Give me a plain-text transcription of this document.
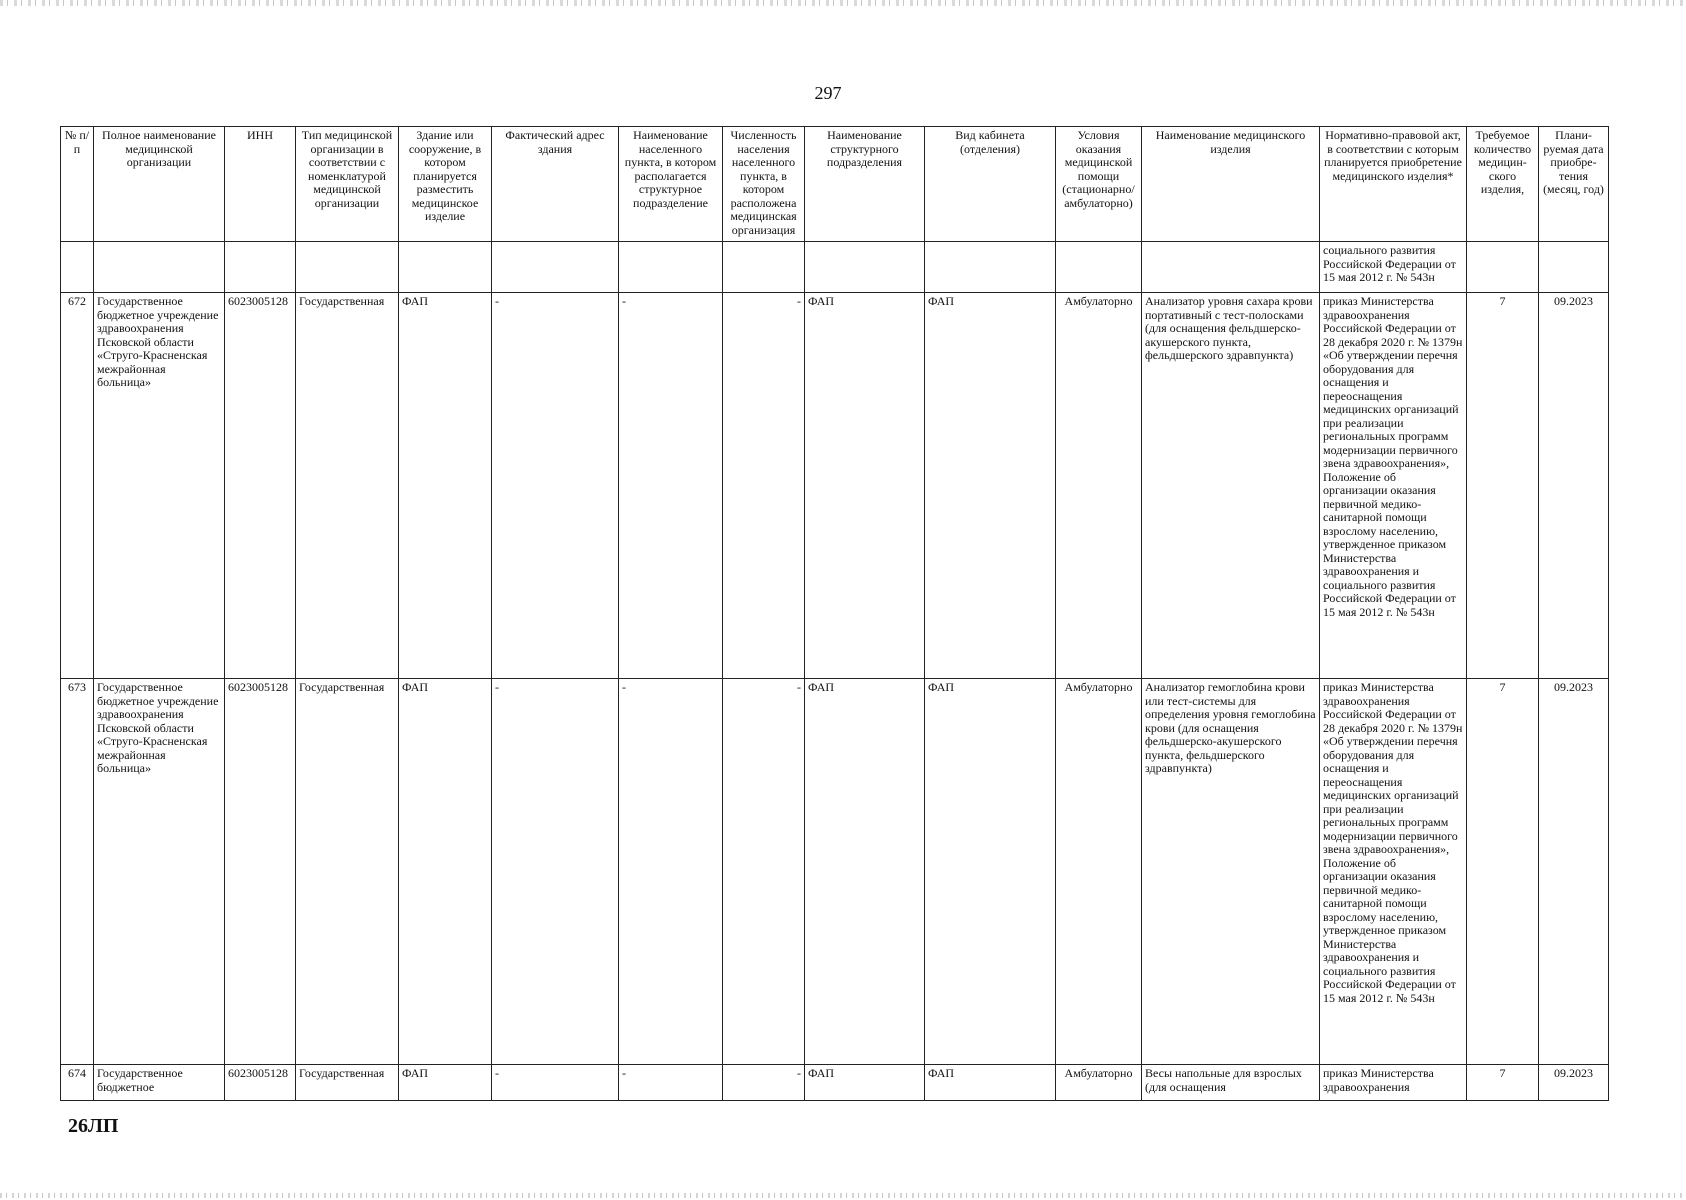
297
№ п/п	Полное наименование медицинской организации	ИНН	Тип медицинской организации в соответствии с номенклатурой медицинской организации	Здание или сооружение, в котором планируется разместить медицинское изделие	Фактический адрес здания	Наименование населенного пункта, в котором располагается структурное подразделение	Численность населения населенного пункта, в котором расположена медицинская организация	Наименование структурного подразделения	Вид кабинета (отделения)	Условия оказания медицинской помощи (стационарно/ амбулаторно)	Наименование медицинского изделия	Нормативно-правовой акт, в соответствии с которым планируется приобретение медицинского изделия*	Требуемое количество медицин-ского изделия,	Плани-руемая дата приобре-тения (месяц, год)
												социального развития Российской Федерации от 15 мая 2012 г. № 543н		
672	Государственное бюджетное учреждение здравоохранения Псковской области «Струго-Красненская межрайонная больница»	6023005128	Государственная	ФАП	-	-	-	ФАП	ФАП	Амбулаторно	Анализатор уровня сахара крови портативный с тест-полосками (для оснащения фельдшерско-акушерского пункта, фельдшерского здравпункта)	приказ Министерства здравоохранения Российской Федерации от 28 декабря 2020 г. № 1379н «Об утверждении перечня оборудования для оснащения и переоснащения медицинских организаций при реализации региональных программ модернизации первичного звена здравоохранения», Положение об организации оказания первичной медико-санитарной помощи взрослому населению, утвержденное приказом Министерства здравоохранения и социального развития Российской Федерации от 15 мая 2012 г. № 543н	7	09.2023
673	Государственное бюджетное учреждение здравоохранения Псковской области «Струго-Красненская межрайонная больница»	6023005128	Государственная	ФАП	-	-	-	ФАП	ФАП	Амбулаторно	Анализатор гемоглобина крови или тест-системы для определения уровня гемоглобина крови (для оснащения фельдшерско-акушерского пункта, фельдшерского здравпункта)	приказ Министерства здравоохранения Российской Федерации от 28 декабря 2020 г. № 1379н «Об утверждении перечня оборудования для оснащения и переоснащения медицинских организаций при реализации региональных программ модернизации первичного звена здравоохранения», Положение об организации оказания первичной медико-санитарной помощи взрослому населению, утвержденное приказом Министерства здравоохранения и социального развития Российской Федерации от 15 мая 2012 г. № 543н	7	09.2023
674	Государственное бюджетное	6023005128	Государственная	ФАП	-	-	-	ФАП	ФАП	Амбулаторно	Весы напольные для взрослых (для оснащения	приказ Министерства здравоохранения	7	09.2023
26ЛП
